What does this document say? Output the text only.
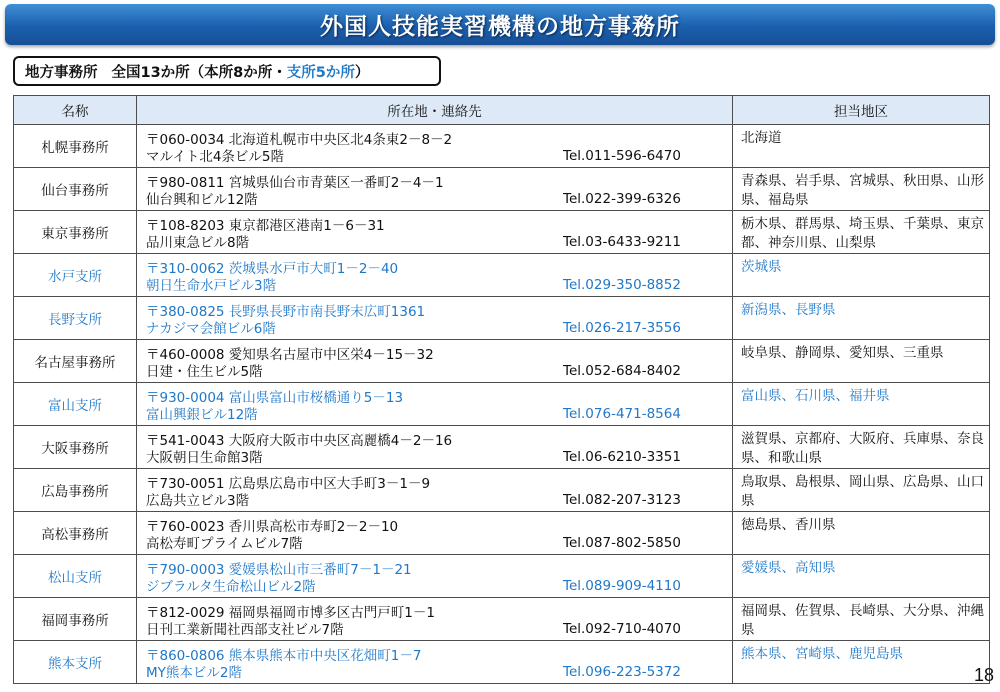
外国人技能実習機構の地方事務所
地方事務所 全国13か所（本所8か所・ 支所5か所 ）
名称	所在地・連絡先	担当地区
札幌事務所	〒060-0034 北海道札幌市中央区北4条東2－8－2
マルイト北4条ビル5階 Tel.011-596-6470	北海道

仙台事務所	〒980-0811 宮城県仙台市青葉区一番町2－4－1
仙台興和ビル12階 Tel.022-399-6326	青森県、岩手県、宮城県、秋田県、山形県、福島県

東京事務所	〒108-8203 東京都港区港南1－6－31
品川東急ビル8階 Tel.03-6433-9211	栃木県、群馬県、埼玉県、千葉県、東京都、神奈川県、山梨県

水戸支所	〒310-0062 茨城県水戸市大町1－2－40
朝日生命水戸ビル3階 Tel.029-350-8852	茨城県

長野支所	〒380-0825 長野県長野市南長野末広町1361
ナカジマ会館ビル6階 Tel.026-217-3556	新潟県、長野県

名古屋事務所	〒460-0008 愛知県名古屋市中区栄4－15－32
日建・住生ビル5階 Tel.052-684-8402	岐阜県、静岡県、愛知県、三重県

富山支所	〒930-0004 富山県富山市桜橋通り5－13
富山興銀ビル12階 Tel.076-471-8564	富山県、石川県、福井県

大阪事務所	〒541-0043 大阪府大阪市中央区高麗橋4－2－16
大阪朝日生命館3階 Tel.06-6210-3351	滋賀県、京都府、大阪府、兵庫県、奈良県、和歌山県

広島事務所	〒730-0051 広島県広島市中区大手町3－1－9
広島共立ビル3階 Tel.082-207-3123	鳥取県、島根県、岡山県、広島県、山口県

高松事務所	〒760-0023 香川県高松市寿町2－2－10
高松寿町プライムビル7階 Tel.087-802-5850	徳島県、香川県

松山支所	〒790-0003 愛媛県松山市三番町7－1－21
ジブラルタ生命松山ビル2階 Tel.089-909-4110	愛媛県、高知県

福岡事務所	〒812-0029 福岡県福岡市博多区古門戸町1－1
日刊工業新聞社西部支社ビル7階 Tel.092-710-4070	福岡県、佐賀県、長崎県、大分県、沖縄県

熊本支所	〒860-0806 熊本県熊本市中央区花畑町1－7
MY熊本ビル2階 Tel.096-223-5372	熊本県、宮崎県、鹿児島県
18
